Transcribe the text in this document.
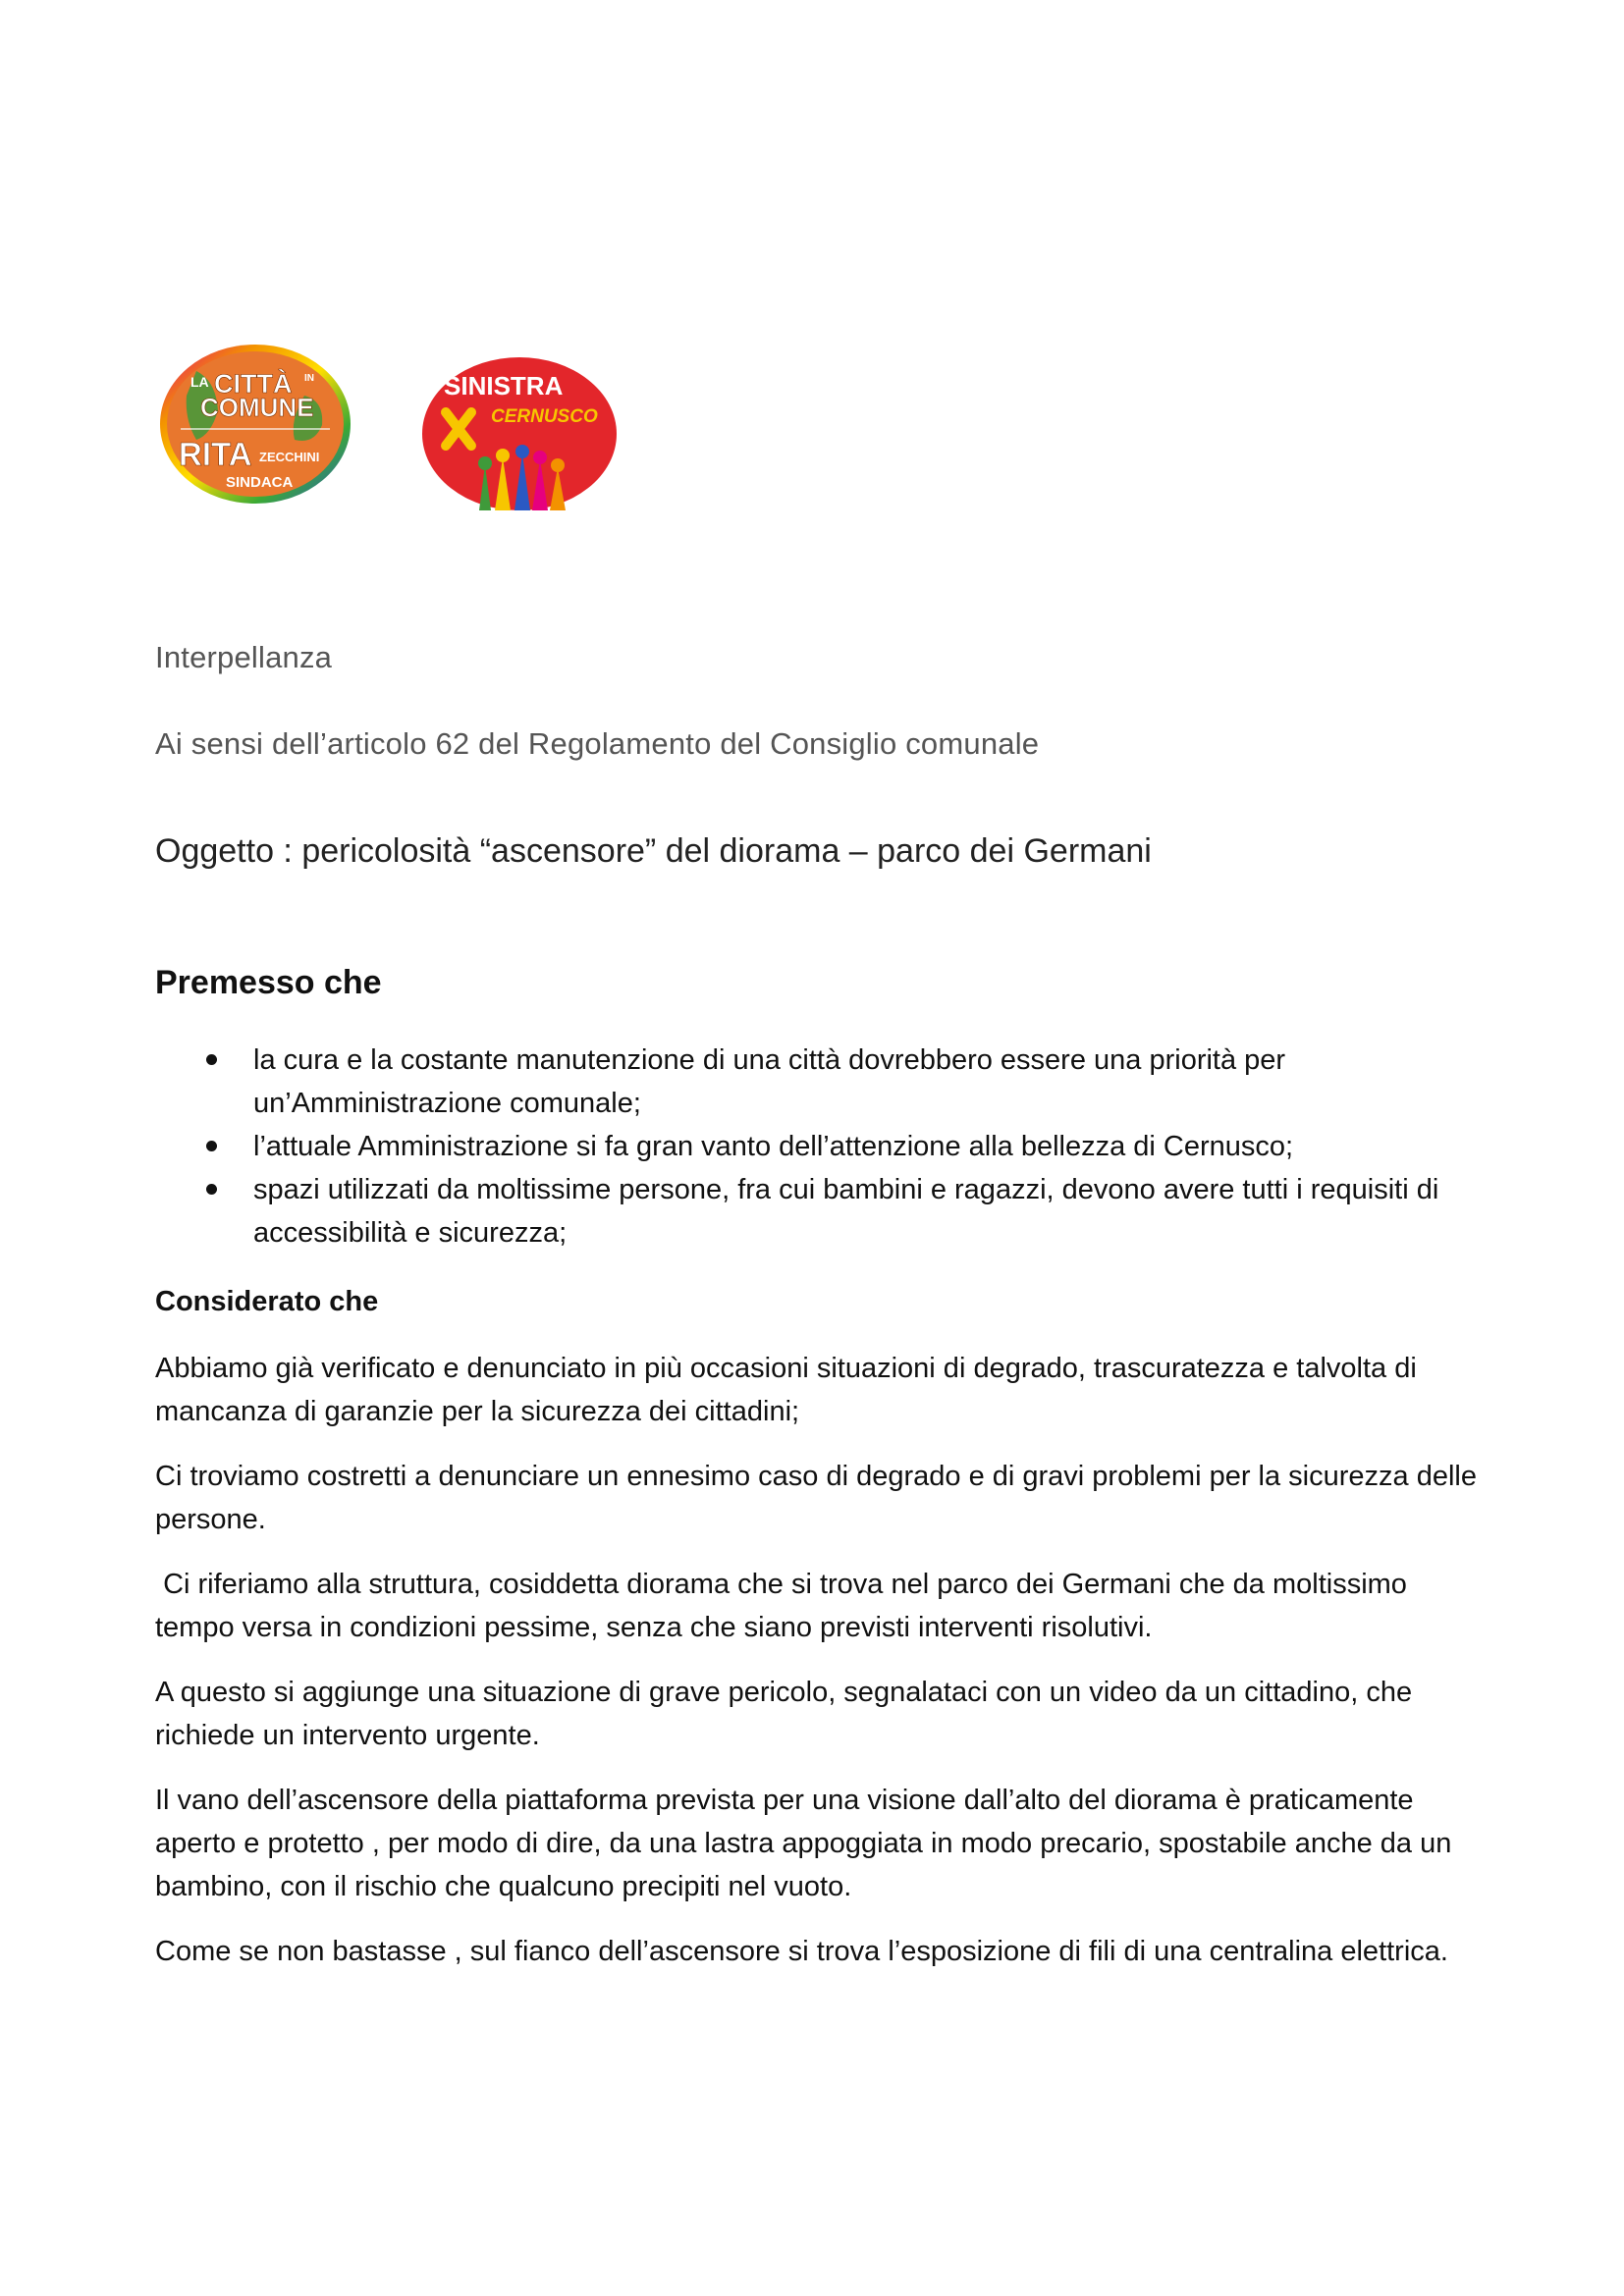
LA CITTÀ IN
COMUNE
RITA ZECCHINI
SINDACA
SINISTRA
CERNUSCO
Interpellanza
Ai sensi dell’articolo 62 del Regolamento del Consiglio comunale
Oggetto : pericolosità “ascensore” del diorama – parco dei Germani
Premesso che
la cura e la costante manutenzione di una città dovrebbero essere una priorità per un’Amministrazione comunale;
l’attuale Amministrazione si fa gran vanto dell’attenzione alla bellezza di Cernusco;
spazi utilizzati da moltissime persone, fra cui bambini e ragazzi, devono avere tutti i requisiti di accessibilità e sicurezza;
Considerato che

Abbiamo già verificato e denunciato in più occasioni situazioni di degrado, trascuratezza e talvolta di mancanza di garanzie per la sicurezza dei cittadini;

Ci troviamo costretti a denunciare un ennesimo caso di degrado e di gravi problemi per la sicurezza delle persone.

Ci riferiamo alla struttura, cosiddetta diorama che si trova nel parco dei Germani che da moltissimo tempo versa in condizioni pessime, senza che siano previsti interventi risolutivi.

A questo si aggiunge una situazione di grave pericolo, segnalataci con un video da un cittadino, che richiede un intervento urgente.

Il vano dell’ascensore della piattaforma prevista per una visione dall’alto del diorama è praticamente aperto e protetto , per modo di dire, da una lastra appoggiata in modo precario, spostabile anche da un bambino, con il rischio che qualcuno precipiti nel vuoto.

Come se non bastasse , sul fianco dell’ascensore si trova l’esposizione di fili di una centralina elettrica.
